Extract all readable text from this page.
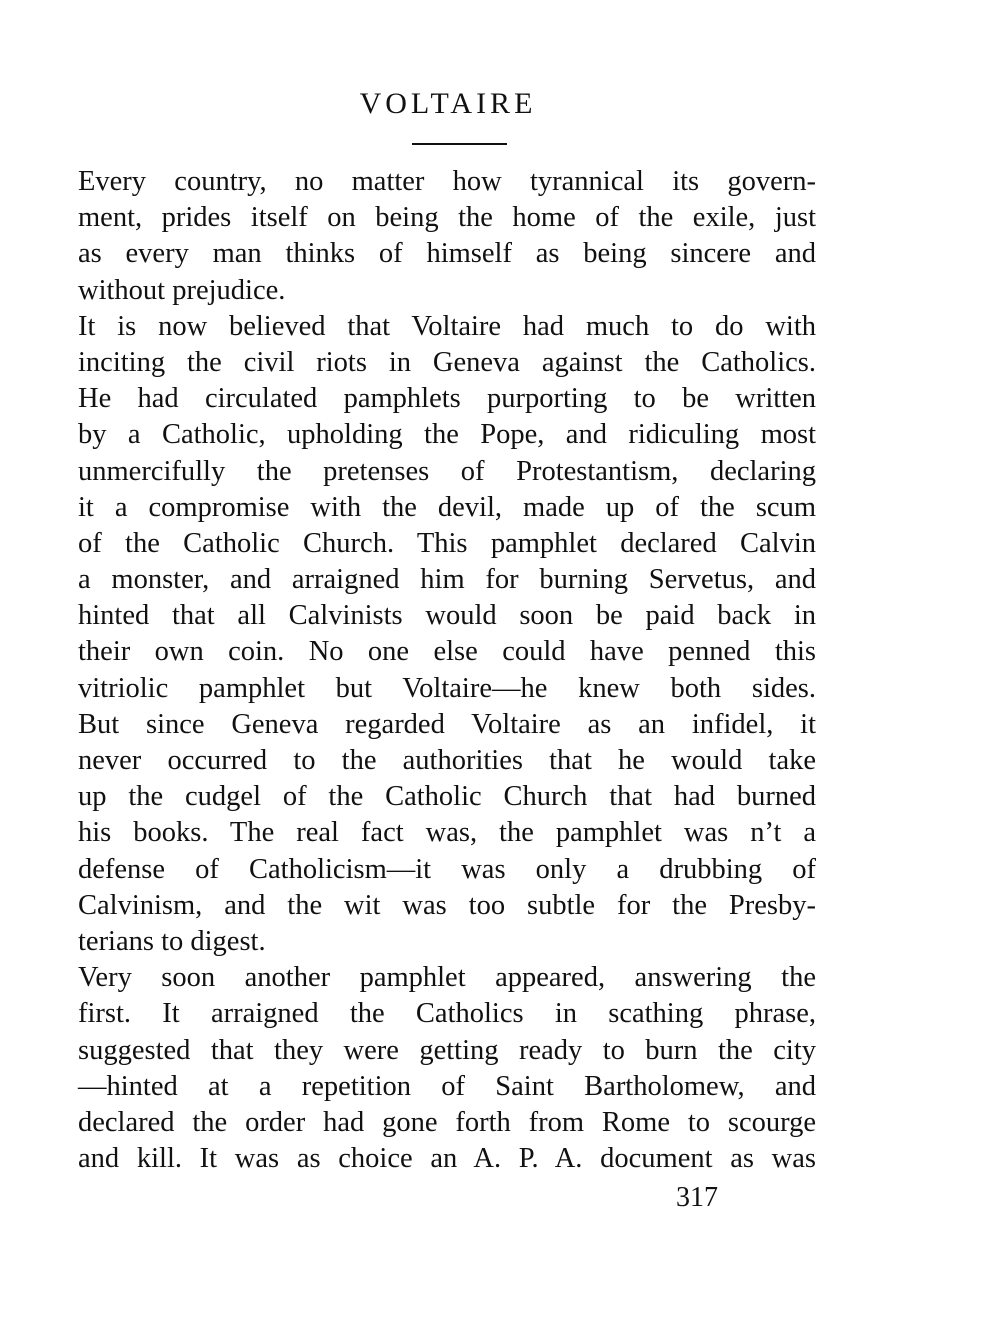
VOLTAIRE
Every country, no matter how tyrannical its govern-
ment, prides itself on being the home of the exile, just
as every man thinks of himself as being sincere and
without prejudice.
It is now believed that Voltaire had much to do with
inciting the civil riots in Geneva against the Catholics.
He had circulated pamphlets purporting to be written
by a Catholic, upholding the Pope, and ridiculing most
unmercifully the pretenses of Protestantism, declaring
it a compromise with the devil, made up of the scum
of the Catholic Church. This pamphlet declared Calvin
a monster, and arraigned him for burning Servetus, and
hinted that all Calvinists would soon be paid back in
their own coin. No one else could have penned this
vitriolic pamphlet but Voltaire—he knew both sides.
But since Geneva regarded Voltaire as an infidel, it
never occurred to the authorities that he would take
up the cudgel of the Catholic Church that had burned
his books. The real fact was, the pamphlet was n’t a
defense of Catholicism—it was only a drubbing of
Calvinism, and the wit was too subtle for the Presby-
terians to digest.
Very soon another pamphlet appeared, answering the
first. It arraigned the Catholics in scathing phrase,
suggested that they were getting ready to burn the city
—hinted at a repetition of Saint Bartholomew, and
declared the order had gone forth from Rome to scourge
and kill. It was as choice an A. P. A. document as was
317
